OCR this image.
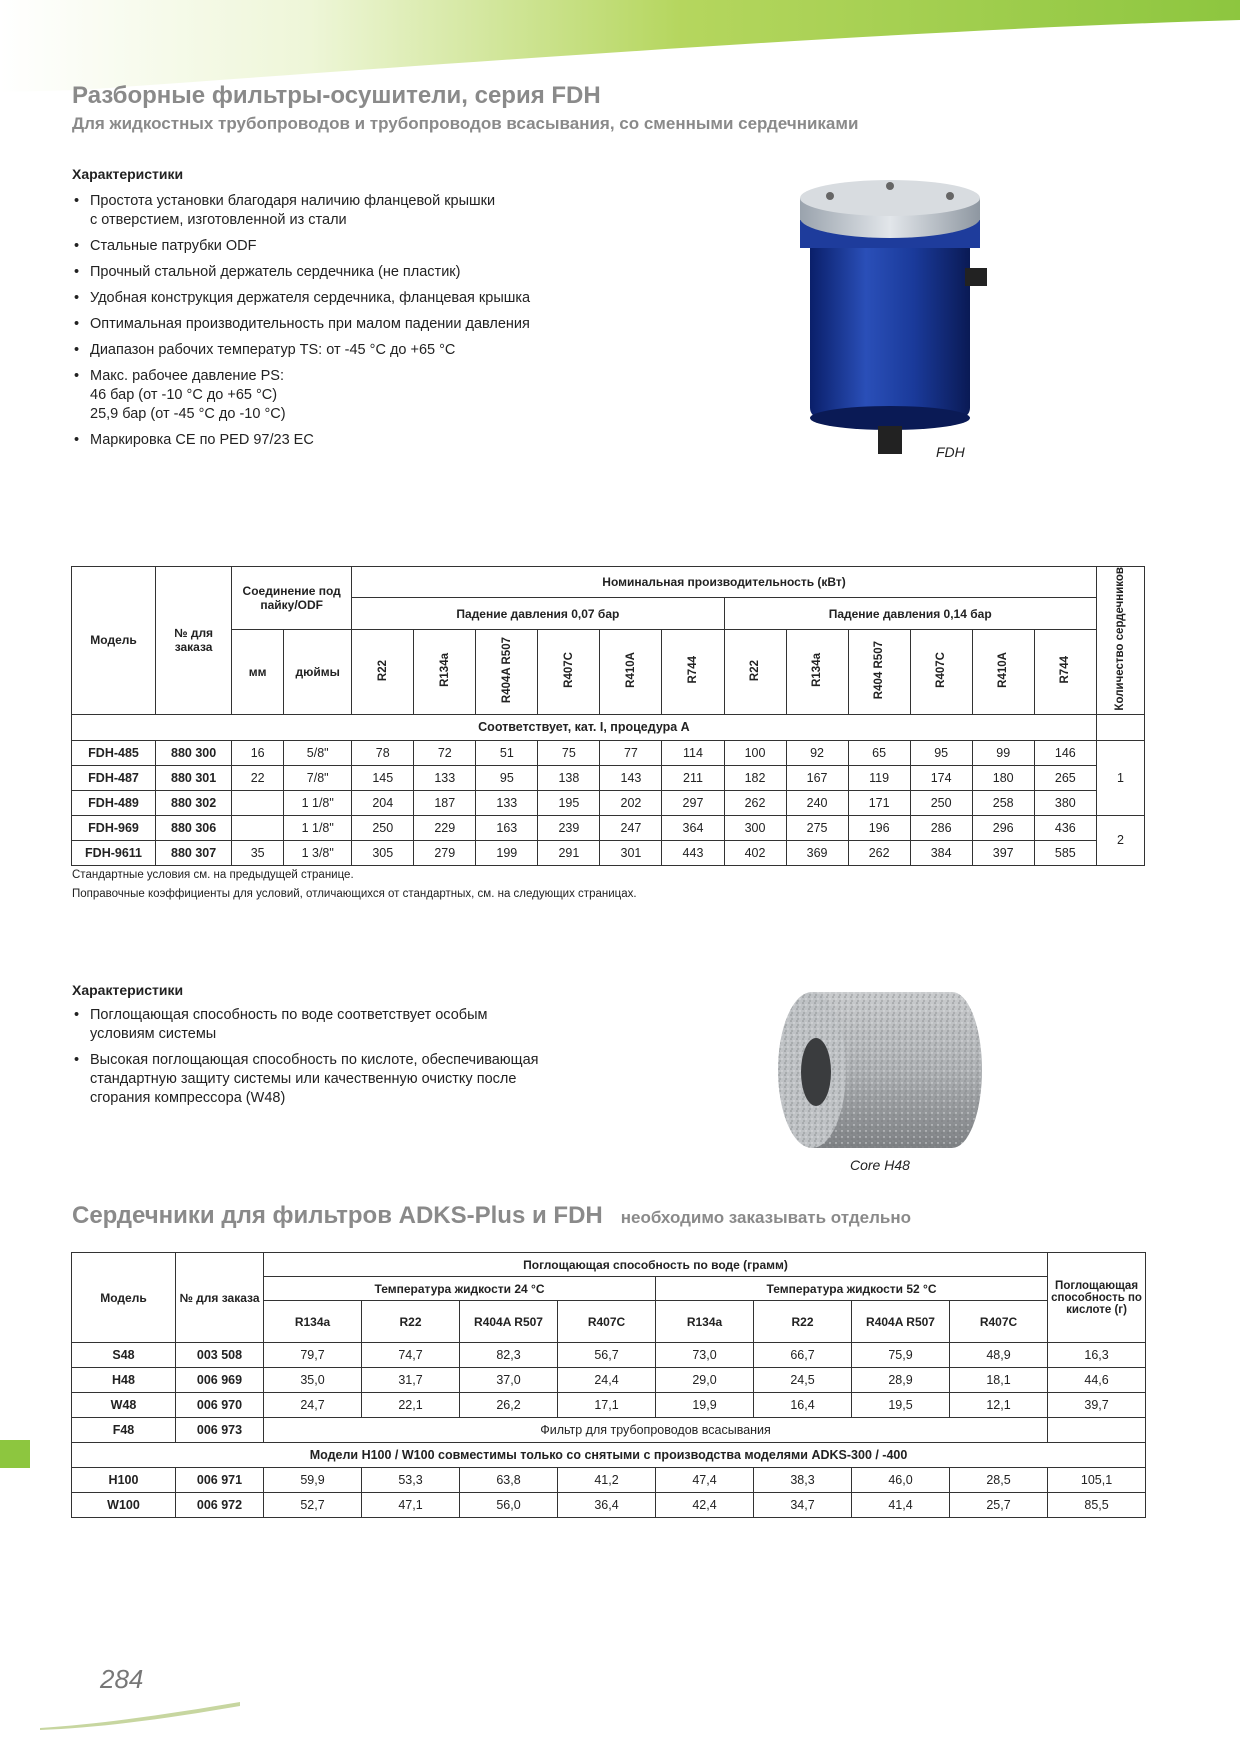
Разборные фильтры-осушители, серия FDH
Для жидкостных трубопроводов и трубопроводов всасывания, со сменными сердечниками
Характеристики
• Простота установки благодаря наличию фланцевой крышки
с отверстием, изготовленной из стали
• Стальные патрубки ODF
• Прочный стальной держатель сердечника (не пластик)
• Удобная конструкция держателя сердечника, фланцевая крышка
• Оптимальная производительность при малом падении давления
• Диапазон рабочих температур TS: от -45 °C до +65 °C
• Макс. рабочее давление PS:
46 бар (от -10 °C до +65 °C)
25,9 бар (от -45 °C до -10 °C)
• Маркировка CE по PED 97/23 EC
FDH
Модель	№ для заказа	Соединение под пайку/ODF		Номинальная производительность (кВт)												Количество сердечников
				Падение давления 0,07 бар						Падение давления 0,14 бар						
		мм	дюймы	R22	R134a	R404A R507	R407C	R410A	R744	R22	R134a	R404 R507	R407C	R410A	R744	
Соответствует, кат. I, процедура A																
FDH-485	880 300	16	5/8"	78	72	51	75	77	114	100	92	65	95	99	146	1
FDH-487	880 301	22	7/8"	145	133	95	138	143	211	182	167	119	174	180	265	
FDH-489	880 302		1 1/8"	204	187	133	195	202	297	262	240	171	250	258	380	
FDH-969	880 306		1 1/8"	250	229	163	239	247	364	300	275	196	286	296	436	2
FDH-9611	880 307	35	1 3/8"	305	279	199	291	301	443	402	369	262	384	397	585	
Стандартные условия см. на предыдущей странице.
Поправочные коэффициенты для условий, отличающихся от стандартных, см. на следующих страницах.
Характеристики
• Поглощающая способность по воде соответствует особым
условиям системы
• Высокая поглощающая способность по кислоте, обеспечивающая
стандартную защиту системы или качественную очистку после
сгорания компрессора (W48)
Core H48
Сердечники для фильтров ADKS-Plus и FDH необходимо заказывать отдельно
Модель	№ для заказа	Поглощающая способность по воде (грамм)								Поглощающая способность по кислоте (г)
		Температура жидкости 24 °C				Температура жидкости 52 °C				
		R134a	R22	R404A R507	R407C	R134a	R22	R404A R507	R407C	
S48	003 508	79,7	74,7	82,3	56,7	73,0	66,7	75,9	48,9	16,3
H48	006 969	35,0	31,7	37,0	24,4	29,0	24,5	28,9	18,1	44,6
W48	006 970	24,7	22,1	26,2	17,1	19,9	16,4	19,5	12,1	39,7
F48	006 973	Фильтр для трубопроводов всасывания								
Модели H100 / W100 совместимы только со снятыми с производства моделями ADKS-300 / -400										
H100	006 971	59,9	53,3	63,8	41,2	47,4	38,3	46,0	28,5	105,1
W100	006 972	52,7	47,1	56,0	36,4	42,4	34,7	41,4	25,7	85,5
284
